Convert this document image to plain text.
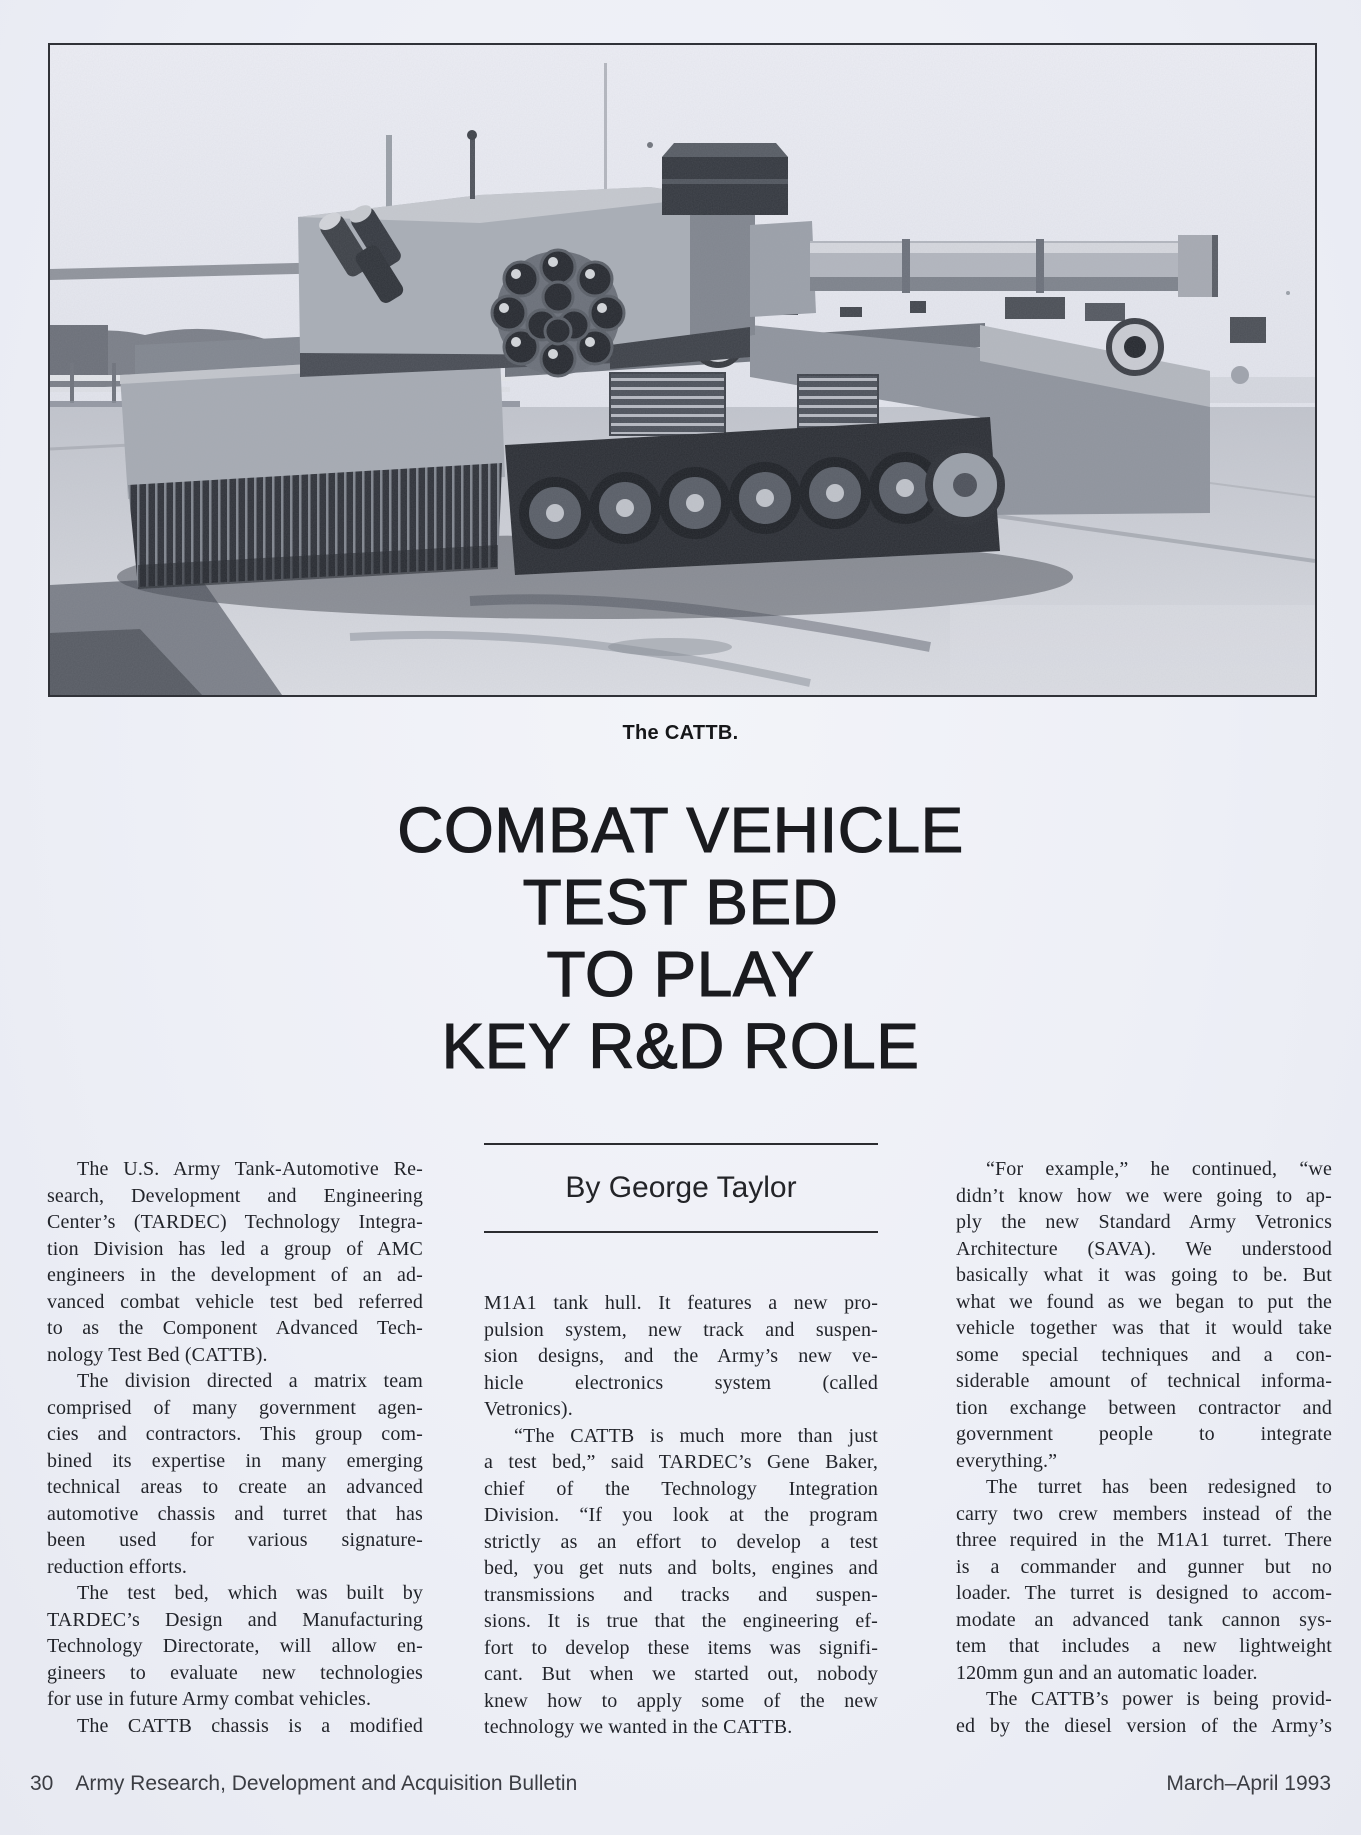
The CATTB.
COMBAT VEHICLE
TEST BED
TO PLAY
KEY R&D ROLE
The U.S. Army Tank-Automotive Re-
search, Development and Engineering
Center’s (TARDEC) Technology Integra-
tion Division has led a group of AMC
engineers in the development of an ad-
vanced combat vehicle test bed referred
to as the Component Advanced Tech-
nology Test Bed (CATTB).
The division directed a matrix team
comprised of many government agen-
cies and contractors. This group com-
bined its expertise in many emerging
technical areas to create an advanced
automotive chassis and turret that has
been used for various signature-
reduction efforts.
The test bed, which was built by
TARDEC’s Design and Manufacturing
Technology Directorate, will allow en-
gineers to evaluate new technologies
for use in future Army combat vehicles.
The CATTB chassis is a modified
By George Taylor
M1A1 tank hull. It features a new pro-
pulsion system, new track and suspen-
sion designs, and the Army’s new ve-
hicle electronics system (called
Vetronics).
“The CATTB is much more than just
a test bed,” said TARDEC’s Gene Baker,
chief of the Technology Integration
Division. “If you look at the program
strictly as an effort to develop a test
bed, you get nuts and bolts, engines and
transmissions and tracks and suspen-
sions. It is true that the engineering ef-
fort to develop these items was signifi-
cant. But when we started out, nobody
knew how to apply some of the new
technology we wanted in the CATTB.
“For example,” he continued, “we
didn’t know how we were going to ap-
ply the new Standard Army Vetronics
Architecture (SAVA). We understood
basically what it was going to be. But
what we found as we began to put the
vehicle together was that it would take
some special techniques and a con-
siderable amount of technical informa-
tion exchange between contractor and
government people to integrate
everything.”
The turret has been redesigned to
carry two crew members instead of the
three required in the M1A1 turret. There
is a commander and gunner but no
loader. The turret is designed to accom-
modate an advanced tank cannon sys-
tem that includes a new lightweight
120mm gun and an automatic loader.
The CATTB’s power is being provid-
ed by the diesel version of the Army’s
30 Army Research, Development and Acquisition Bulletin	March–April 1993
